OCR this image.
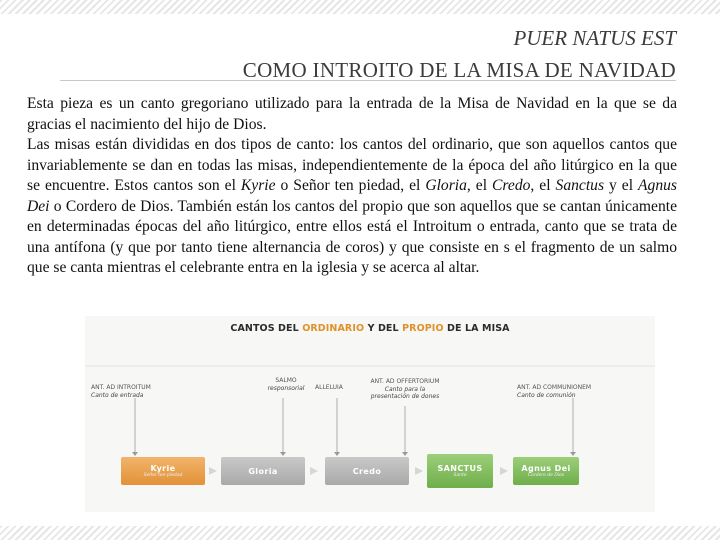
PUER NATUS EST
COMO INTROITO DE LA MISA DE NAVIDAD

Esta pieza es un canto gregoriano utilizado para la entrada de la Misa de Navidad en la que se da gracias el nacimiento del hijo de Dios.

Las misas están divididas en dos tipos de canto: los cantos del ordinario, que son aquellos cantos que invariablemente se dan en todas las misas, independientemente de la época del año litúrgico en la que se encuentre. Estos cantos son el Kyrie o Señor ten piedad, el Gloria, el Credo, el Sanctus y el Agnus Dei o Cordero de Dios. También están los cantos del propio que son aquellos que se cantan únicamente en determinadas épocas del año litúrgico, entre ellos está el Introitum o entrada, canto que se trata de una antífona (y que por tanto tiene alternancia de coros) y que consiste en s el fragmento de un salmo que se canta mientras el celebrante entra en la iglesia y se acerca al altar.

CANTOS DEL ORDINARIO Y DEL PROPIO DE LA MISA
ANT. AD INTROITUM
Canto de entrada
SALMO
responsorial	ALLELUIA
ANT. AD OFFERTORIUM
Canto para la presentación de dones
ANT. AD COMMUNIONEM
Canto de comunión
Kyrie
Señor ten piedad	Gloria	Credo	SANCTUS
Santo
Agnus Dei
Cordero de Dios
